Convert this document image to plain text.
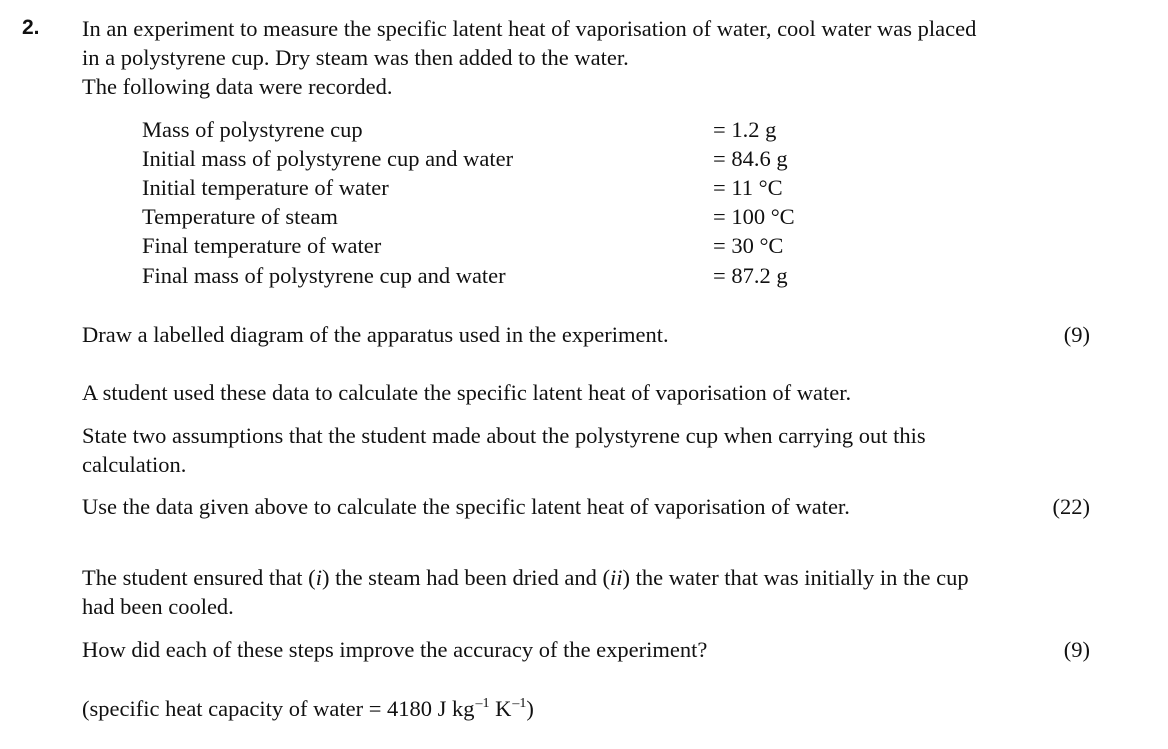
2. In an experiment to measure the specific latent heat of vaporisation of water, cool water was placed
in a polystyrene cup. Dry steam was then added to the water.
The following data were recorded.
Mass of polystyrene cup	= 1.2 g
Initial mass of polystyrene cup and water	= 84.6 g
Initial temperature of water	= 11 °C
Temperature of steam	= 100 °C
Final temperature of water	= 30 °C
Final mass of polystyrene cup and water	= 87.2 g
Draw a labelled diagram of the apparatus used in the experiment.	(9)
A student used these data to calculate the specific latent heat of vaporisation of water.
State two assumptions that the student made about the polystyrene cup when carrying out this
calculation.
Use the data given above to calculate the specific latent heat of vaporisation of water.	(22)
The student ensured that (i) the steam had been dried and (ii) the water that was initially in the cup
had been cooled.
How did each of these steps improve the accuracy of the experiment?	(9)
(specific heat capacity of water = 4180 J $kg^{-1}$ $K^{-1}$)
